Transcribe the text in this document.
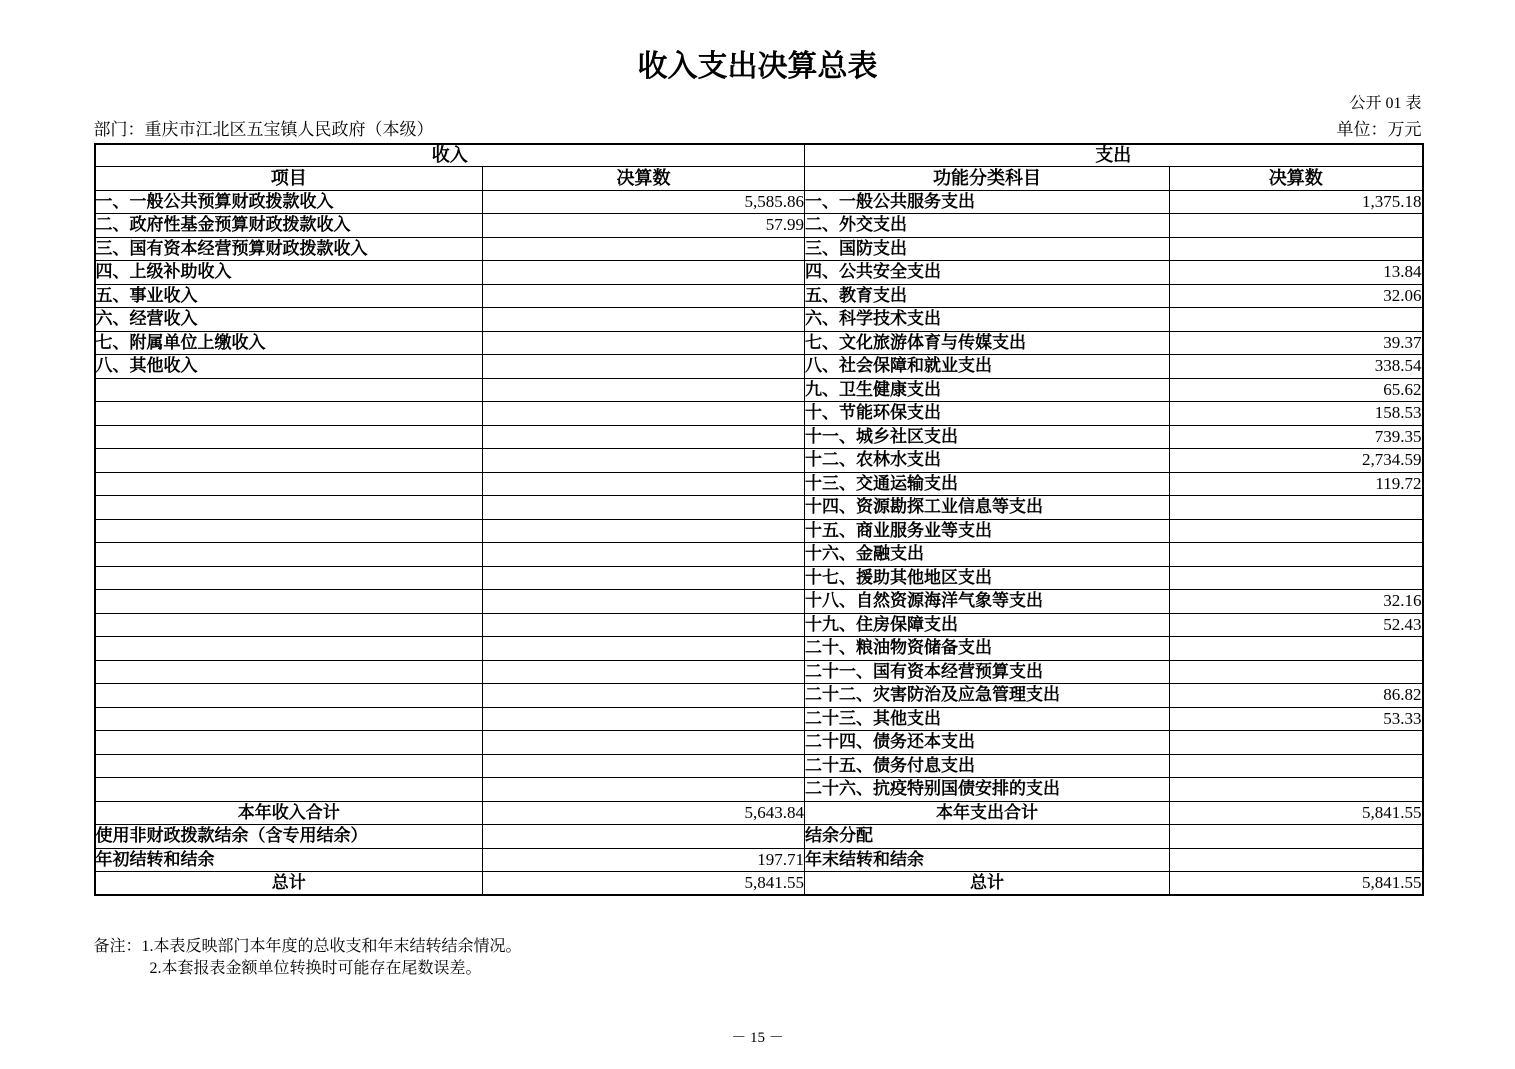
收入支出决算总表
公开 01 表
部门：重庆市江北区五宝镇人民政府（本级）	单位：万元
收入		支出	
项目	决算数	功能分类科目	决算数
一、一般公共预算财政拨款收入	5,585.86	一、一般公共服务支出	1,375.18
二、政府性基金预算财政拨款收入	57.99	二、外交支出	
三、国有资本经营预算财政拨款收入		三、国防支出	
四、上级补助收入		四、公共安全支出	13.84
五、事业收入		五、教育支出	32.06
六、经营收入		六、科学技术支出	
七、附属单位上缴收入		七、文化旅游体育与传媒支出	39.37
八、其他收入		八、社会保障和就业支出	338.54
		九、卫生健康支出	65.62
		十、节能环保支出	158.53
		十一、城乡社区支出	739.35
		十二、农林水支出	2,734.59
		十三、交通运输支出	119.72
		十四、资源勘探工业信息等支出	
		十五、商业服务业等支出	
		十六、金融支出	
		十七、援助其他地区支出	
		十八、自然资源海洋气象等支出	32.16
		十九、住房保障支出	52.43
		二十、粮油物资储备支出	
		二十一、国有资本经营预算支出	
		二十二、灾害防治及应急管理支出	86.82
		二十三、其他支出	53.33
		二十四、债务还本支出	
		二十五、债务付息支出	
		二十六、抗疫特别国债安排的支出	
本年收入合计	5,643.84	本年支出合计	5,841.55
使用非财政拨款结余（含专用结余）		结余分配	
年初结转和结余	197.71	年末结转和结余	
总计	5,841.55	总计	5,841.55
备注：1.本表反映部门本年度的总收支和年末结转结余情况。
2.本套报表金额单位转换时可能存在尾数误差。
－ 15 －
